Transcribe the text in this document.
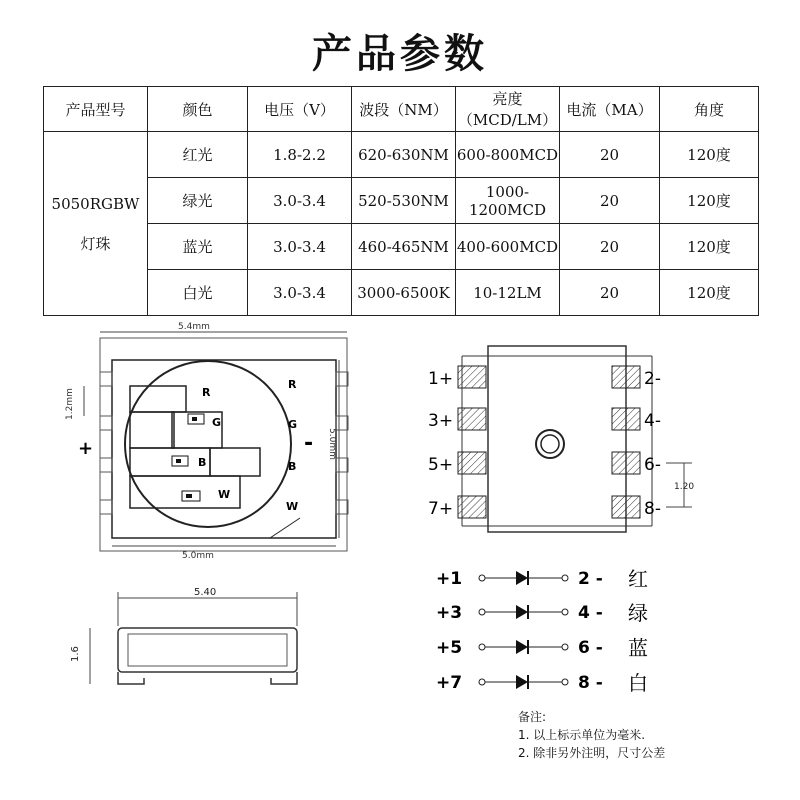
产品参数
产品型号	颜色	电压（V）	波段（NM）	亮度（MCD/LM）	电流（MA）	角度

5050RGBW
灯珠	红光	1.8-2.2	620-630NM	600-800MCD	20	120度
	绿光	3.0-3.4	520-530NM	1000-1200MCD	20	120度
	蓝光	3.0-3.4	460-465NM	400-600MCD	20	120度
	白光	3.0-3.4	3000-6500K	10-12LM	20	120度
R
G
B
W
R
G
B
W
+	-
5.4mm
5.0mm
5.0mm
1.2mm
5.40
1.6
1+
3+
5+
7+
2-
4-
6-
8-
1.20
+1	2 - 红
+3	4 - 绿
+5	6 - 蓝
+7	8 - 白
备注:
1. 以上标示单位为毫米.
2. 除非另外注明，尺寸公差
